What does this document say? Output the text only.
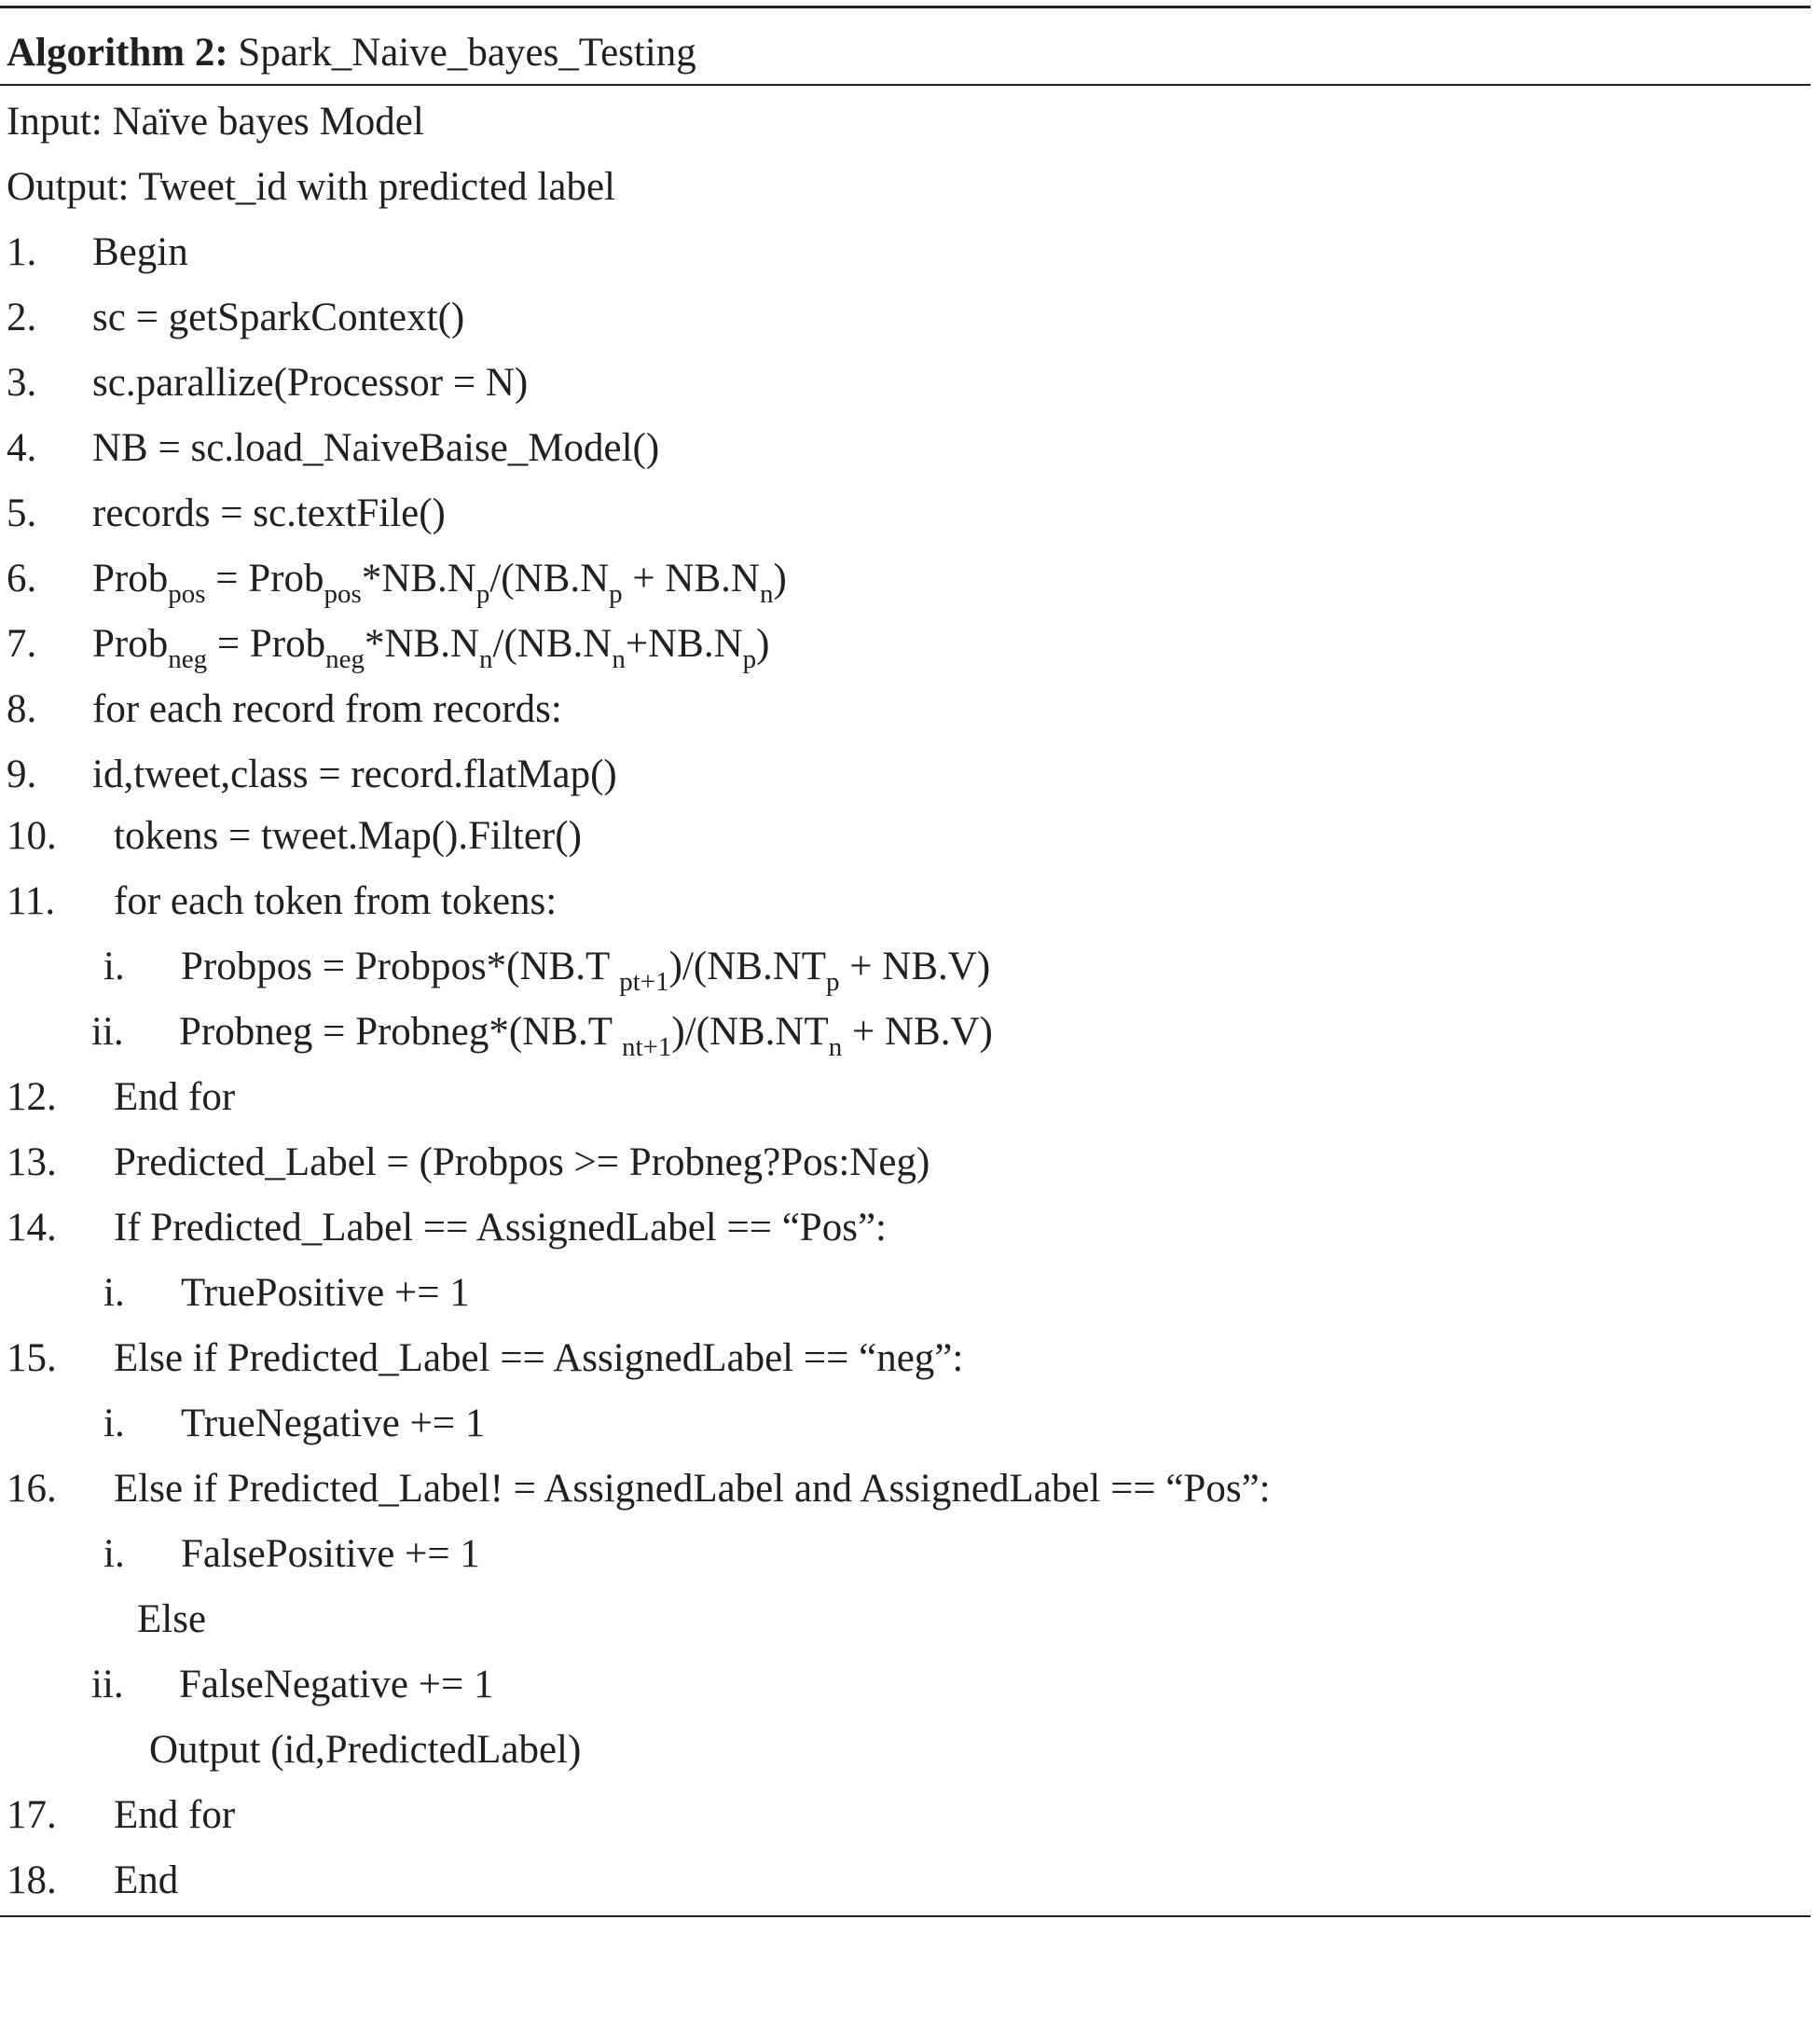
Algorithm 2: Spark_Naive_bayes_Testing
Input: Naïve bayes Model
Output: Tweet_id with predicted label

1.

Begin

2.

sc = getSparkContext()

3.

sc.parallize(Processor = N)

4.

NB = sc.load_NaiveBaise_Model()

5.

records = sc.textFile()

6.

Prob$_{pos}$ = $Prob_{pos}*NB.N_p/(NB.N_p + NB.N_n)$

7.

Prob$_{neg}$ = $Prob_{neg}*NB.N_n/(NB.N_n+NB.N_p)$

8.

for each record from records:

9.

id,tweet,class = record.flatMap()

10.

tokens = tweet.Map().Filter()

11.

for each token from tokens:

i.

Probpos = Probpos*(NB.T $_{pt+1})/(NB.NT_p + NB.V)$

ii.

Probneg = Probneg*(NB.T $_{nt+1})/(NB.NT_n + NB.V)$

12.

End for

13.

Predicted_Label = (Probpos >= Probneg?Pos:Neg)

14.

If Predicted_Label == AssignedLabel == “Pos”:

i.

TruePositive += 1

15.

Else if Predicted_Label == AssignedLabel == “neg”:

i.

TrueNegative += 1

16.

Else if Predicted_Label! = AssignedLabel and AssignedLabel == “Pos”:

i.

FalsePositive += 1

Else

ii.

FalseNegative += 1

Output (id,PredictedLabel)

17.

End for

18.

End
